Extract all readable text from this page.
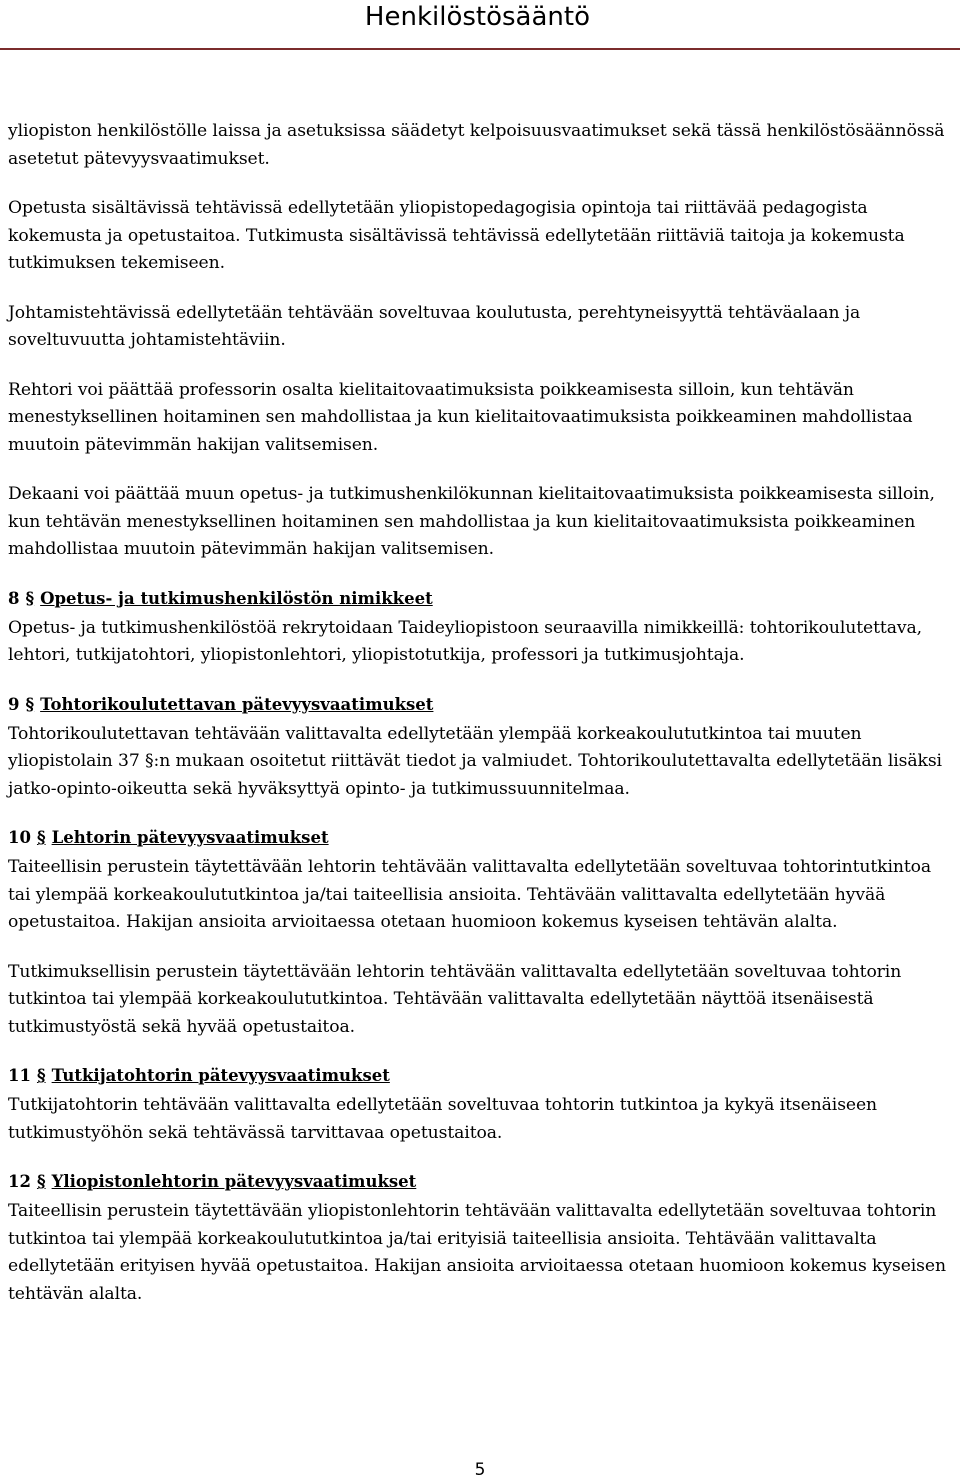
Henkilöstösääntö

yliopiston henkilöstölle laissa ja asetuksissa säädetyt kelpoisuusvaatimukset sekä tässä henkilöstösäännössä asetetut pätevyysvaatimukset.

Opetusta sisältävissä tehtävissä edellytetään yliopistopedagogisia opintoja tai riittävää pedagogista kokemusta ja opetustaitoa. Tutkimusta sisältävissä tehtävissä edellytetään riittäviä taitoja ja kokemusta tutkimuksen tekemiseen.

Johtamistehtävissä edellytetään tehtävään soveltuvaa koulutusta, perehtyneisyyttä tehtäväalaan ja soveltuvuutta johtamistehtäviin.

Rehtori voi päättää professorin osalta kielitaitovaatimuksista poikkeamisesta silloin, kun tehtävän menestyksellinen hoitaminen sen mahdollistaa ja kun kielitaitovaatimuksista poikkeaminen mahdollistaa muutoin pätevimmän hakijan valitsemisen.

Dekaani voi päättää muun opetus- ja tutkimushenkilökunnan kielitaitovaatimuksista poikkeamisesta silloin, kun tehtävän menestyksellinen hoitaminen sen mahdollistaa ja kun kielitaitovaatimuksista poikkeaminen mahdollistaa muutoin pätevimmän hakijan valitsemisen.

8 § Opetus- ja tutkimushenkilöstön nimikkeet

Opetus- ja tutkimushenkilöstöä rekrytoidaan Taideyliopistoon seuraavilla nimikkeillä: tohtorikoulutettava, lehtori, tutkijatohtori, yliopistonlehtori, yliopistotutkija, professori ja tutkimusjohtaja.

9 § Tohtorikoulutettavan pätevyysvaatimukset

Tohtorikoulutettavan tehtävään valittavalta edellytetään ylempää korkeakoulututkintoa tai muuten yliopistolain 37 §:n mukaan osoitetut riittävät tiedot ja valmiudet. Tohtorikoulutettavalta edellytetään lisäksi jatko-opinto-oikeutta sekä hyväksyttyä opinto- ja tutkimussuunnitelmaa.

10 § Lehtorin pätevyysvaatimukset

Taiteellisin perustein täytettävään lehtorin tehtävään valittavalta edellytetään soveltuvaa tohtorintutkintoa tai ylempää korkeakoulututkintoa ja/tai taiteellisia ansioita. Tehtävään valittavalta edellytetään hyvää opetustaitoa. Hakijan ansioita arvioitaessa otetaan huomioon kokemus kyseisen tehtävän alalta.

Tutkimuksellisin perustein täytettävään lehtorin tehtävään valittavalta edellytetään soveltuvaa tohtorin tutkintoa tai ylempää korkeakoulututkintoa. Tehtävään valittavalta edellytetään näyttöä itsenäisestä tutkimustyöstä sekä hyvää opetustaitoa.

11 § Tutkijatohtorin pätevyysvaatimukset

Tutkijatohtorin tehtävään valittavalta edellytetään soveltuvaa tohtorin tutkintoa ja kykyä itsenäiseen tutkimustyöhön sekä tehtävässä tarvittavaa opetustaitoa.

12 § Yliopistonlehtorin pätevyysvaatimukset

Taiteellisin perustein täytettävään yliopistonlehtorin tehtävään valittavalta edellytetään soveltuvaa tohtorin tutkintoa tai ylempää korkeakoulututkintoa ja/tai erityisiä taiteellisia ansioita. Tehtävään valittavalta edellytetään erityisen hyvää opetustaitoa. Hakijan ansioita arvioitaessa otetaan huomioon kokemus kyseisen tehtävän alalta.

5
